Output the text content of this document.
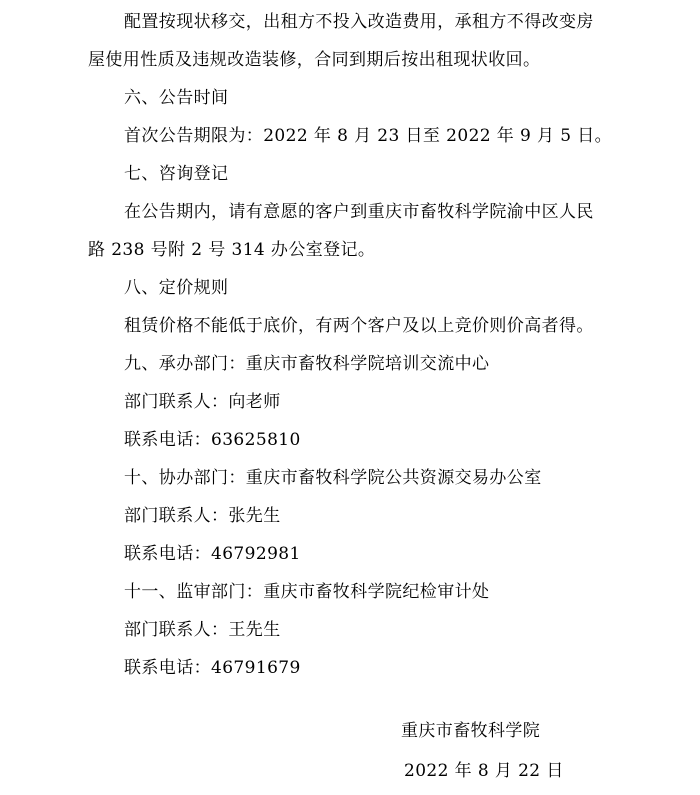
配置按现状移交，出租方不投入改造费用，承租方不得改变房
屋使用性质及违规改造装修，合同到期后按出租现状收回。
六、公告时间
首次公告期限为：2022 年 8 月 23 日至 2022 年 9 月 5 日。
七、咨询登记
在公告期内，请有意愿的客户到重庆市畜牧科学院渝中区人民
路 238 号附 2 号 314 办公室登记。
八、定价规则
租赁价格不能低于底价，有两个客户及以上竞价则价高者得。
九、承办部门：重庆市畜牧科学院培训交流中心
部门联系人：向老师
联系电话：63625810
十、协办部门：重庆市畜牧科学院公共资源交易办公室
部门联系人：张先生
联系电话：46792981
十一、监审部门：重庆市畜牧科学院纪检审计处
部门联系人：王先生
联系电话：46791679
重庆市畜牧科学院
2022 年 8 月 22 日
